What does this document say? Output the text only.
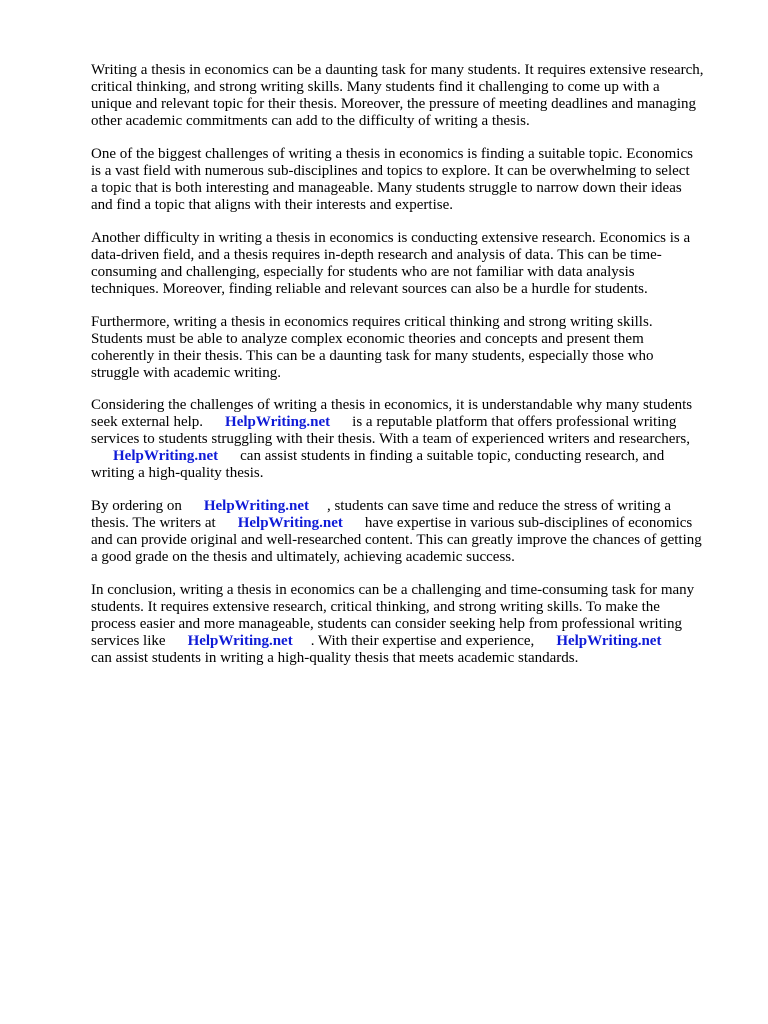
Writing a thesis in economics can be a daunting task for many students. It requires extensive research,
critical thinking, and strong writing skills. Many students find it challenging to come up with a
unique and relevant topic for their thesis. Moreover, the pressure of meeting deadlines and managing
other academic commitments can add to the difficulty of writing a thesis.
One of the biggest challenges of writing a thesis in economics is finding a suitable topic. Economics
is a vast field with numerous sub-disciplines and topics to explore. It can be overwhelming to select
a topic that is both interesting and manageable. Many students struggle to narrow down their ideas
and find a topic that aligns with their interests and expertise.
Another difficulty in writing a thesis in economics is conducting extensive research. Economics is a
data-driven field, and a thesis requires in-depth research and analysis of data. This can be time-
consuming and challenging, especially for students who are not familiar with data analysis
techniques. Moreover, finding reliable and relevant sources can also be a hurdle for students.
Furthermore, writing a thesis in economics requires critical thinking and strong writing skills.
Students must be able to analyze complex economic theories and concepts and present them
coherently in their thesis. This can be a daunting task for many students, especially those who
struggle with academic writing.
Considering the challenges of writing a thesis in economics, it is understandable why many students
seek external help. HelpWriting.net is a reputable platform that offers professional writing
services to students struggling with their thesis. With a team of experienced writers and researchers,
HelpWriting.net can assist students in finding a suitable topic, conducting research, and
writing a high-quality thesis.
By ordering on HelpWriting.net , students can save time and reduce the stress of writing a
thesis. The writers at HelpWriting.net have expertise in various sub-disciplines of economics
and can provide original and well-researched content. This can greatly improve the chances of getting
a good grade on the thesis and ultimately, achieving academic success.
In conclusion, writing a thesis in economics can be a challenging and time-consuming task for many
students. It requires extensive research, critical thinking, and strong writing skills. To make the
process easier and more manageable, students can consider seeking help from professional writing
services like HelpWriting.net . With their expertise and experience, HelpWriting.net
can assist students in writing a high-quality thesis that meets academic standards.
